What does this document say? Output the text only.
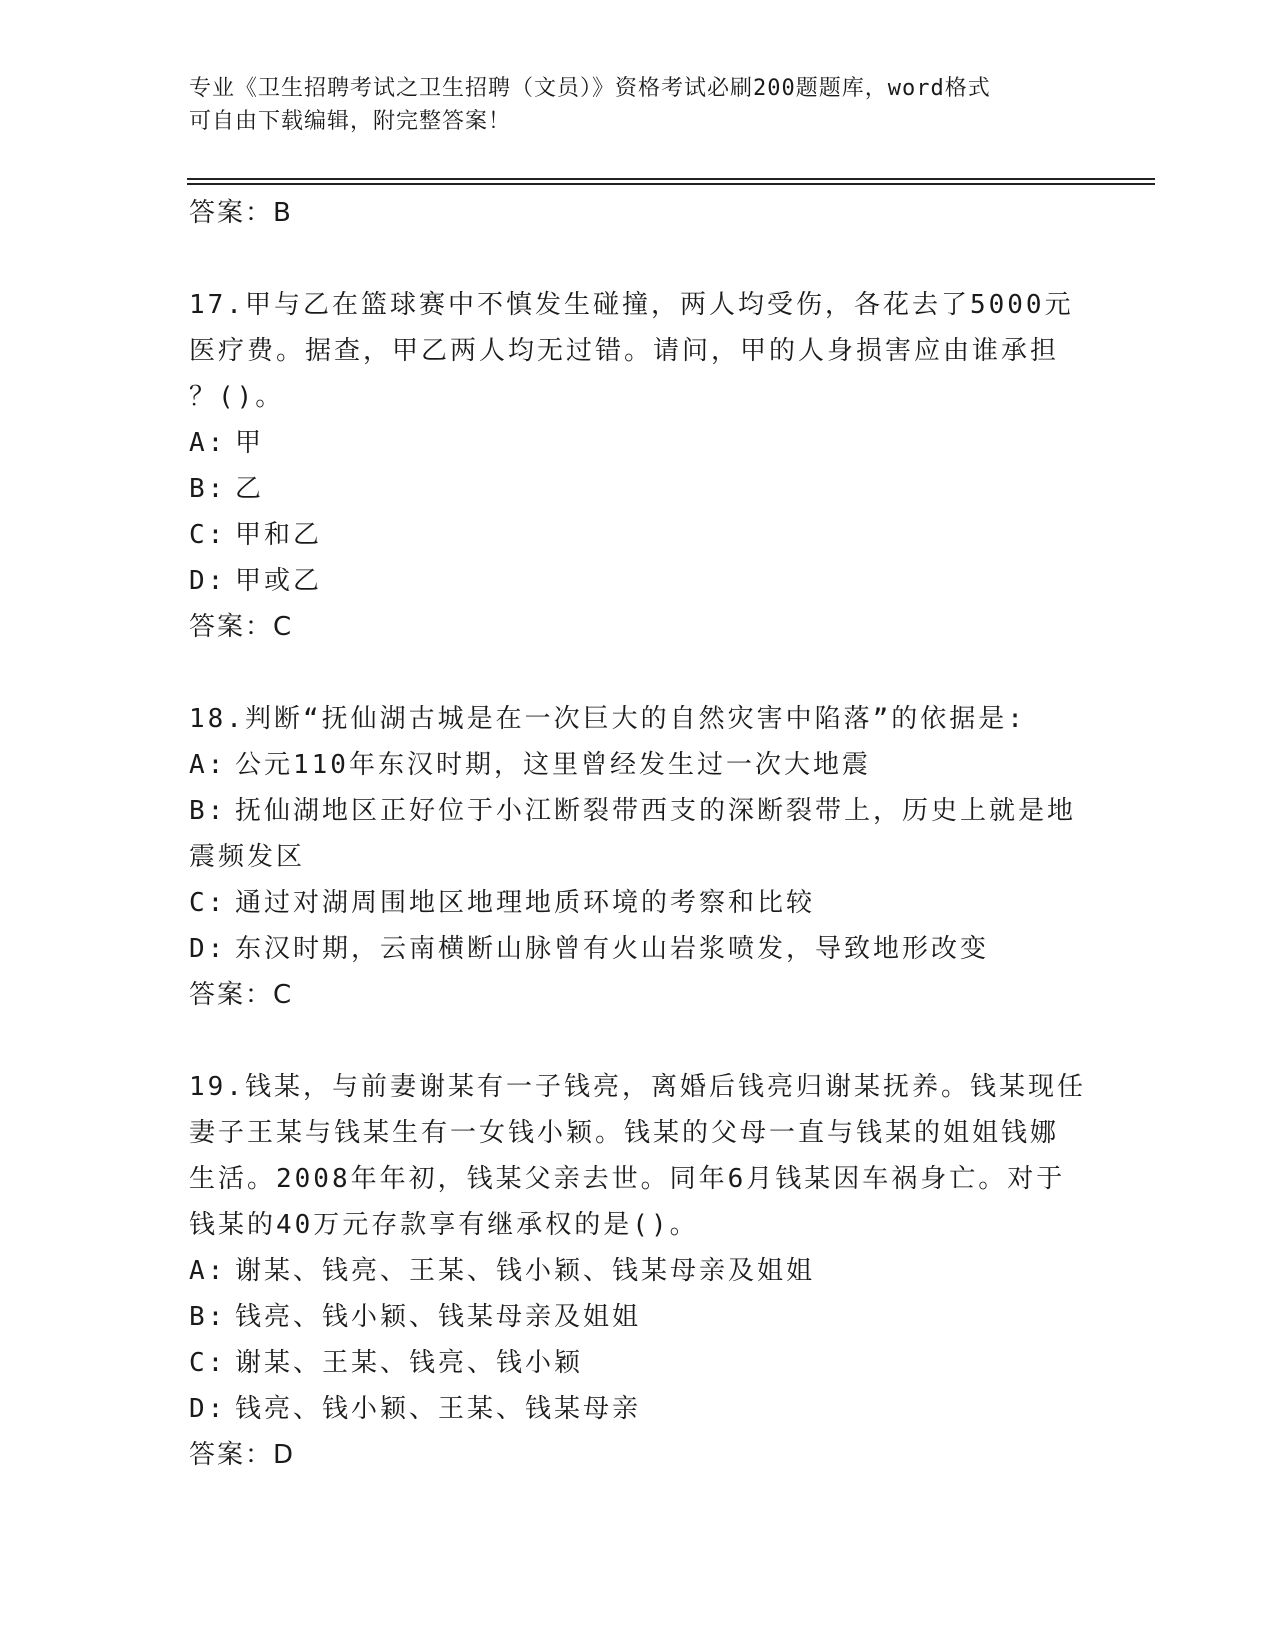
专业《卫生招聘考试之卫生招聘（文员）》资格考试必刷200题题库，word格式
可自由下载编辑，附完整答案！
答案：B
17.甲与乙在篮球赛中不慎发生碰撞，两人均受伤，各花去了5000元
医疗费。据查，甲乙两人均无过错。请问，甲的人身损害应由谁承担
？()。
A: 甲
B: 乙
C: 甲和乙
D: 甲或乙
答案：C
18.判断“抚仙湖古城是在一次巨大的自然灾害中陷落”的依据是:
A: 公元110年东汉时期，这里曾经发生过一次大地震
B: 抚仙湖地区正好位于小江断裂带西支的深断裂带上，历史上就是地
震频发区
C: 通过对湖周围地区地理地质环境的考察和比较
D: 东汉时期，云南横断山脉曾有火山岩浆喷发，导致地形改变
答案：C
19.钱某，与前妻谢某有一子钱亮，离婚后钱亮归谢某抚养。钱某现任
妻子王某与钱某生有一女钱小颖。钱某的父母一直与钱某的姐姐钱娜
生活。2008年年初，钱某父亲去世。同年6月钱某因车祸身亡。对于
钱某的40万元存款享有继承权的是()。
A: 谢某、钱亮、王某、钱小颖、钱某母亲及姐姐
B: 钱亮、钱小颖、钱某母亲及姐姐
C: 谢某、王某、钱亮、钱小颖
D: 钱亮、钱小颖、王某、钱某母亲
答案：D
